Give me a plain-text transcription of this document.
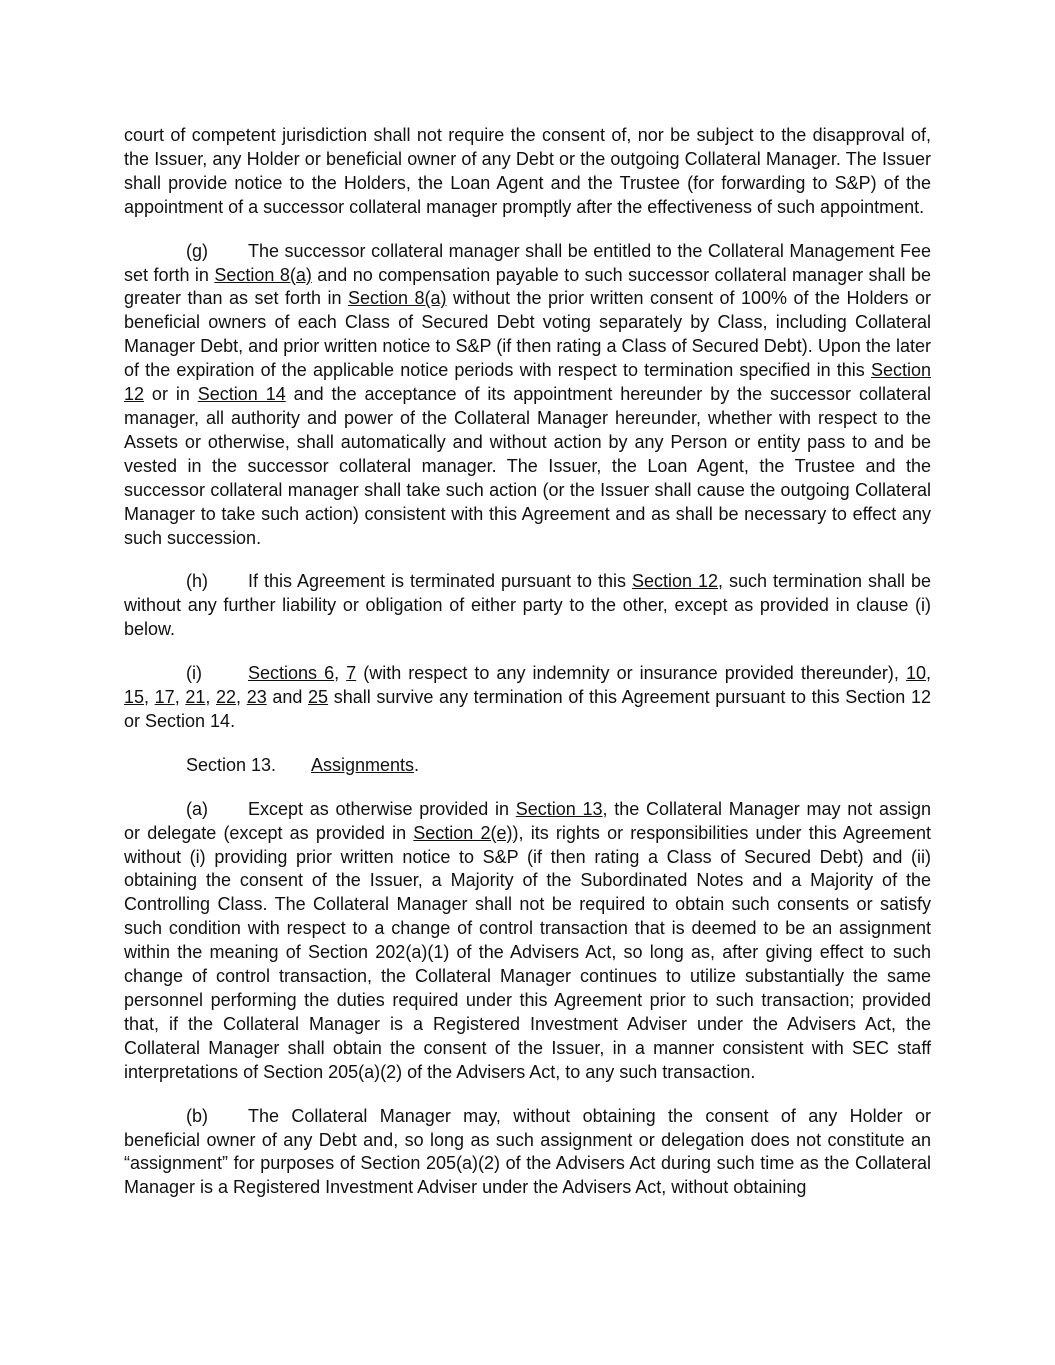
court of competent jurisdiction shall not require the consent of, nor be subject to the disapproval of, the Issuer, any Holder or beneficial owner of any Debt or the outgoing Collateral Manager. The Issuer shall provide notice to the Holders, the Loan Agent and the Trustee (for forwarding to S&P) of the appointment of a successor collateral manager promptly after the effectiveness of such appointment.

(g) The successor collateral manager shall be entitled to the Collateral Management Fee set forth in Section 8(a) and no compensation payable to such successor collateral manager shall be greater than as set forth in Section 8(a) without the prior written consent of 100% of the Holders or beneficial owners of each Class of Secured Debt voting separately by Class, including Collateral Manager Debt, and prior written notice to S&P (if then rating a Class of Secured Debt). Upon the later of the expiration of the applicable notice periods with respect to termination specified in this Section 12 or in Section 14 and the acceptance of its appointment hereunder by the successor collateral manager, all authority and power of the Collateral Manager hereunder, whether with respect to the Assets or otherwise, shall automatically and without action by any Person or entity pass to and be vested in the successor collateral manager. The Issuer, the Loan Agent, the Trustee and the successor collateral manager shall take such action (or the Issuer shall cause the outgoing Collateral Manager to take such action) consistent with this Agreement and as shall be necessary to effect any such succession.

(h) If this Agreement is terminated pursuant to this Section 12, such termination shall be without any further liability or obligation of either party to the other, except as provided in clause (i) below.

(i)	Sections 6, 7 (with respect to any indemnity or insurance provided thereunder), 10, 15, 17, 21, 22, 23 and 25 shall survive any termination of this Agreement pursuant to this Section 12 or Section 14.

Section 13. Assignments.

(a) Except as otherwise provided in Section 13, the Collateral Manager may not assign or delegate (except as provided in Section 2(e)), its rights or responsibilities under this Agreement without (i) providing prior written notice to S&P (if then rating a Class of Secured Debt) and (ii) obtaining the consent of the Issuer, a Majority of the Subordinated Notes and a Majority of the Controlling Class. The Collateral Manager shall not be required to obtain such consents or satisfy such condition with respect to a change of control transaction that is deemed to be an assignment within the meaning of Section 202(a)(1) of the Advisers Act, so long as, after giving effect to such change of control transaction, the Collateral Manager continues to utilize substantially the same personnel performing the duties required under this Agreement prior to such transaction; provided that, if the Collateral Manager is a Registered Investment Adviser under the Advisers Act, the Collateral Manager shall obtain the consent of the Issuer, in a manner consistent with SEC staff interpretations of Section 205(a)(2) of the Advisers Act, to any such transaction.

(b) The Collateral Manager may, without obtaining the consent of any Holder or beneficial owner of any Debt and, so long as such assignment or delegation does not constitute an “assignment” for purposes of Section 205(a)(2) of the Advisers Act during such time as the Collateral Manager is a Registered Investment Adviser under the Advisers Act, without obtaining
